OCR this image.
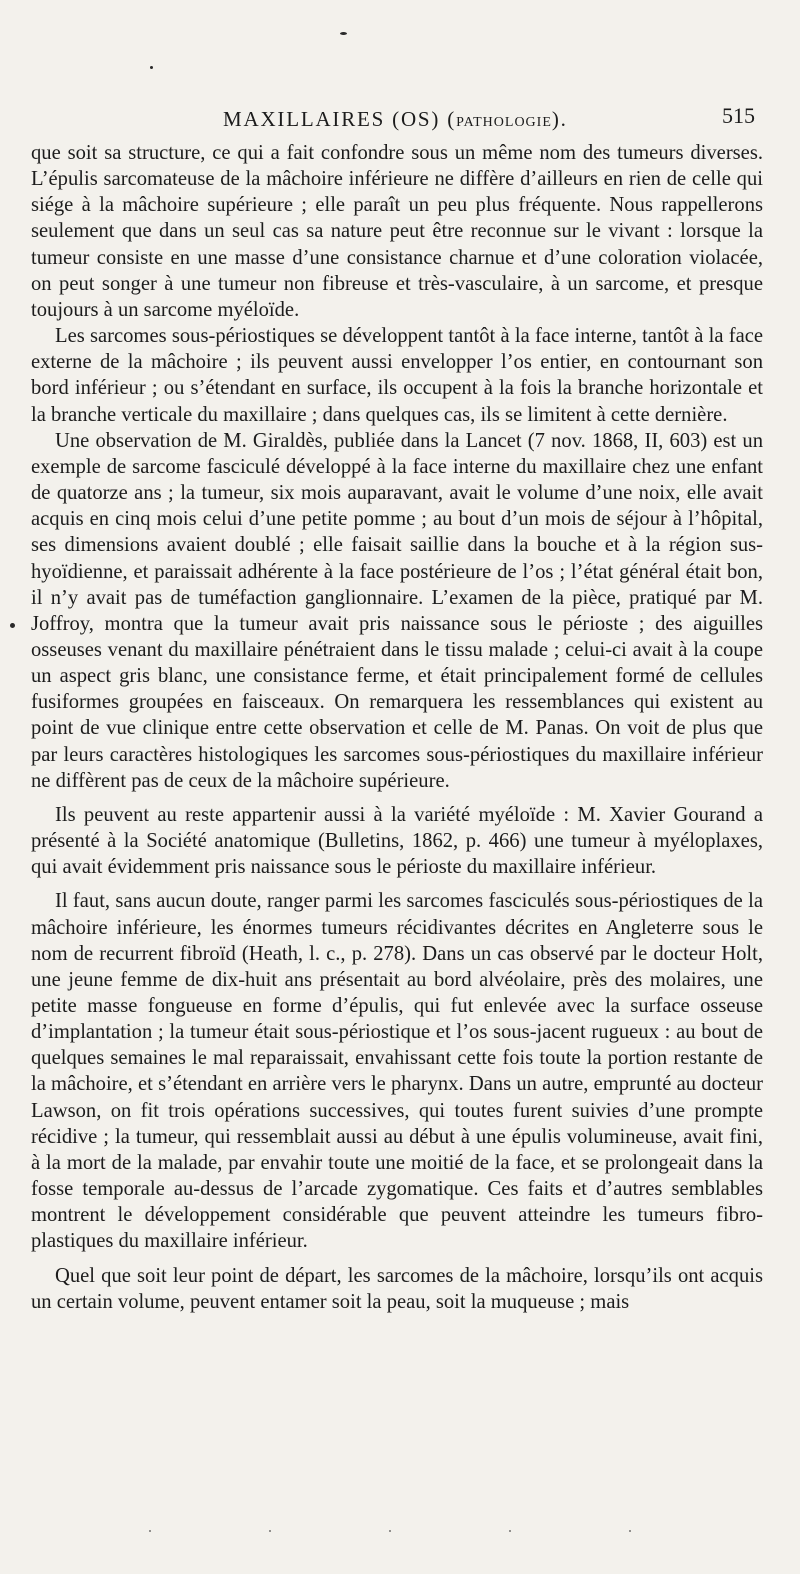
MAXILLAIRES (OS) (PATHOLOGIE).	515

que soit sa structure, ce qui a fait confondre sous un même nom des tumeurs diverses. L’épulis sarcomateuse de la mâchoire inférieure ne diffère d’ailleurs en rien de celle qui siége à la mâchoire supérieure ; elle paraît un peu plus fréquente. Nous rappellerons seulement que dans un seul cas sa nature peut être reconnue sur le vivant : lorsque la tumeur consiste en une masse d’une consistance charnue et d’une coloration violacée, on peut songer à une tumeur non fibreuse et très-vasculaire, à un sarcome, et presque toujours à un sarcome myéloïde.

Les sarcomes sous-périostiques se développent tantôt à la face interne, tantôt à la face externe de la mâchoire ; ils peuvent aussi envelopper l’os entier, en contournant son bord inférieur ; ou s’étendant en surface, ils occupent à la fois la branche horizontale et la branche verticale du maxillaire ; dans quelques cas, ils se limitent à cette dernière.

Une observation de M. Giraldès, publiée dans la Lancet (7 nov. 1868, II, 603) est un exemple de sarcome fasciculé développé à la face interne du maxillaire chez une enfant de quatorze ans ; la tumeur, six mois auparavant, avait le volume d’une noix, elle avait acquis en cinq mois celui d’une petite pomme ; au bout d’un mois de séjour à l’hôpital, ses dimensions avaient doublé ; elle faisait saillie dans la bouche et à la région sus-hyoïdienne, et paraissait adhérente à la face postérieure de l’os ; l’état général était bon, il n’y avait pas de tuméfaction ganglionnaire. L’examen de la pièce, pratiqué par M. Joffroy, montra que la tumeur avait pris naissance sous le périoste ; des aiguilles osseuses venant du maxillaire pénétraient dans le tissu malade ; celui-ci avait à la coupe un aspect gris blanc, une consistance ferme, et était principalement formé de cellules fusiformes groupées en faisceaux. On remarquera les ressemblances qui existent au point de vue clinique entre cette observation et celle de M. Panas. On voit de plus que par leurs caractères histologiques les sarcomes sous-périostiques du maxillaire inférieur ne diffèrent pas de ceux de la mâchoire supérieure.

Ils peuvent au reste appartenir aussi à la variété myéloïde : M. Xavier Gourand a présenté à la Société anatomique (Bulletins, 1862, p. 466) une tumeur à myéloplaxes, qui avait évidemment pris naissance sous le périoste du maxillaire inférieur.

Il faut, sans aucun doute, ranger parmi les sarcomes fasciculés sous-périostiques de la mâchoire inférieure, les énormes tumeurs récidivantes décrites en Angleterre sous le nom de recurrent fibroïd (Heath, l. c., p. 278). Dans un cas observé par le docteur Holt, une jeune femme de dix-huit ans présentait au bord alvéolaire, près des molaires, une petite masse fongueuse en forme d’épulis, qui fut enlevée avec la surface osseuse d’implantation ; la tumeur était sous-périostique et l’os sous-jacent rugueux : au bout de quelques semaines le mal reparaissait, envahissant cette fois toute la portion restante de la mâchoire, et s’étendant en arrière vers le pharynx. Dans un autre, emprunté au docteur Lawson, on fit trois opérations successives, qui toutes furent suivies d’une prompte récidive ; la tumeur, qui ressemblait aussi au début à une épulis volumineuse, avait fini, à la mort de la malade, par envahir toute une moitié de la face, et se prolongeait dans la fosse temporale au-dessus de l’arcade zygomatique. Ces faits et d’autres semblables montrent le développement considérable que peuvent atteindre les tumeurs fibro-plastiques du maxillaire inférieur.

Quel que soit leur point de départ, les sarcomes de la mâchoire, lorsqu’ils ont acquis un certain volume, peuvent entamer soit la peau, soit la muqueuse ; mais
